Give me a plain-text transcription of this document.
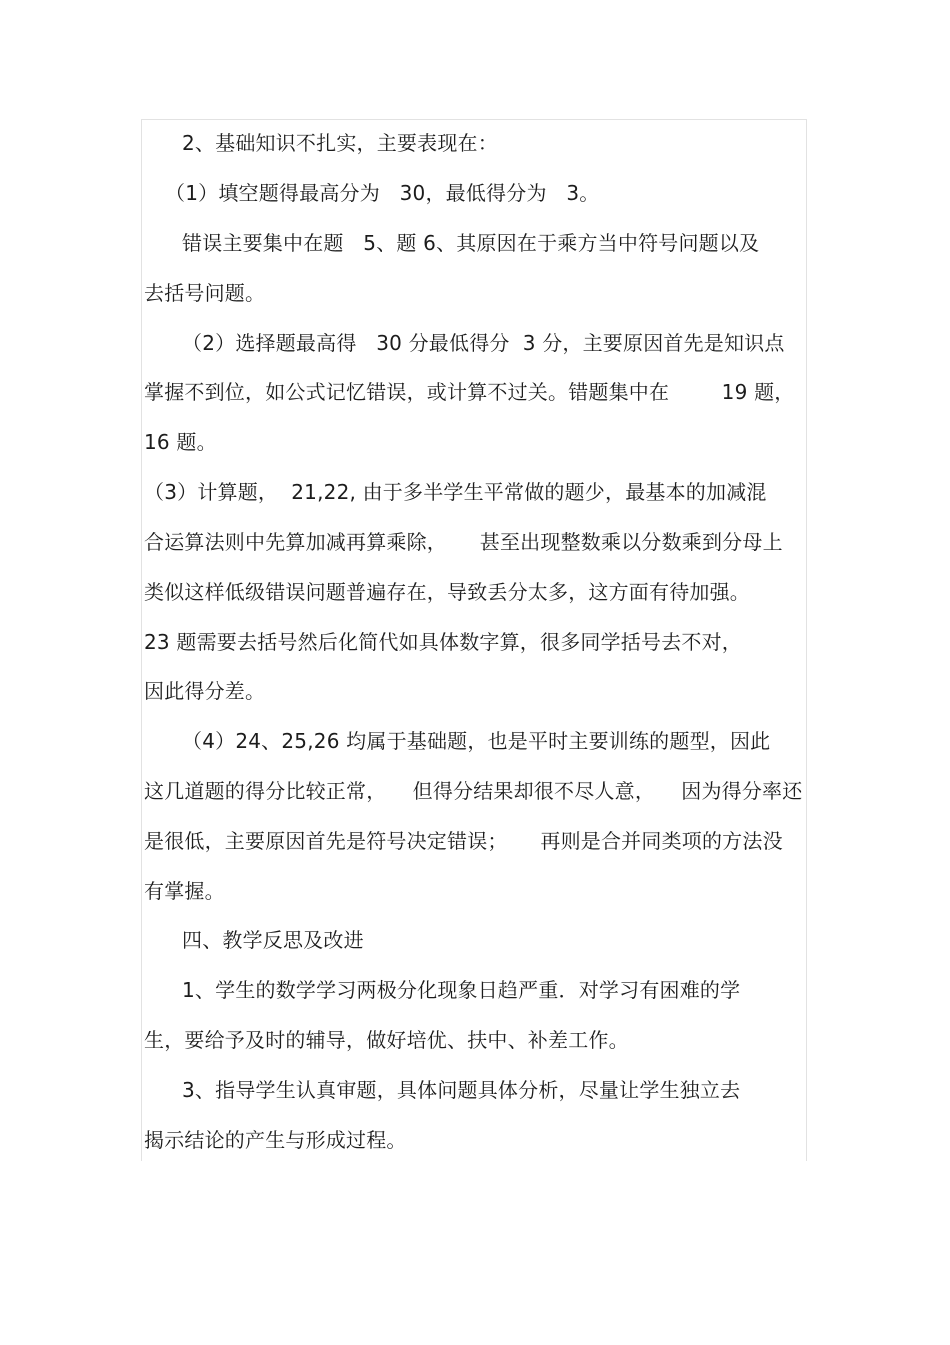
2、基础知识不扎实，主要表现在：
（1）填空题得最高分为   30，最低得分为   3。
错误主要集中在题   5、题 6、其原因在于乘方当中符号问题以及
去括号问题。
（2）选择题最高得   30 分最低得分  3 分，主要原因首先是知识点
掌握不到位，如公式记忆错误，或计算不过关。错题集中在        19 题，
16 题。
（3）计算题，  21,22, 由于多半学生平常做的题少，最基本的加减混
合运算法则中先算加减再算乘除，     甚至出现整数乘以分数乘到分母上
类似这样低级错误问题普遍存在，导致丢分太多，这方面有待加强。
23 题需要去括号然后化简代如具体数字算，很多同学括号去不对，
因此得分差。
（4）24、25,26 均属于基础题，也是平时主要训练的题型，因此
这几道题的得分比较正常，    但得分结果却很不尽人意，    因为得分率还
是很低，主要原因首先是符号决定错误；     再则是合并同类项的方法没
有掌握。
四、教学反思及改进
1、学生的数学学习两极分化现象日趋严重．对学习有困难的学
生，要给予及时的辅导，做好培优、扶中、补差工作。
3、指导学生认真审题，具体问题具体分析，尽量让学生独立去
揭示结论的产生与形成过程。
